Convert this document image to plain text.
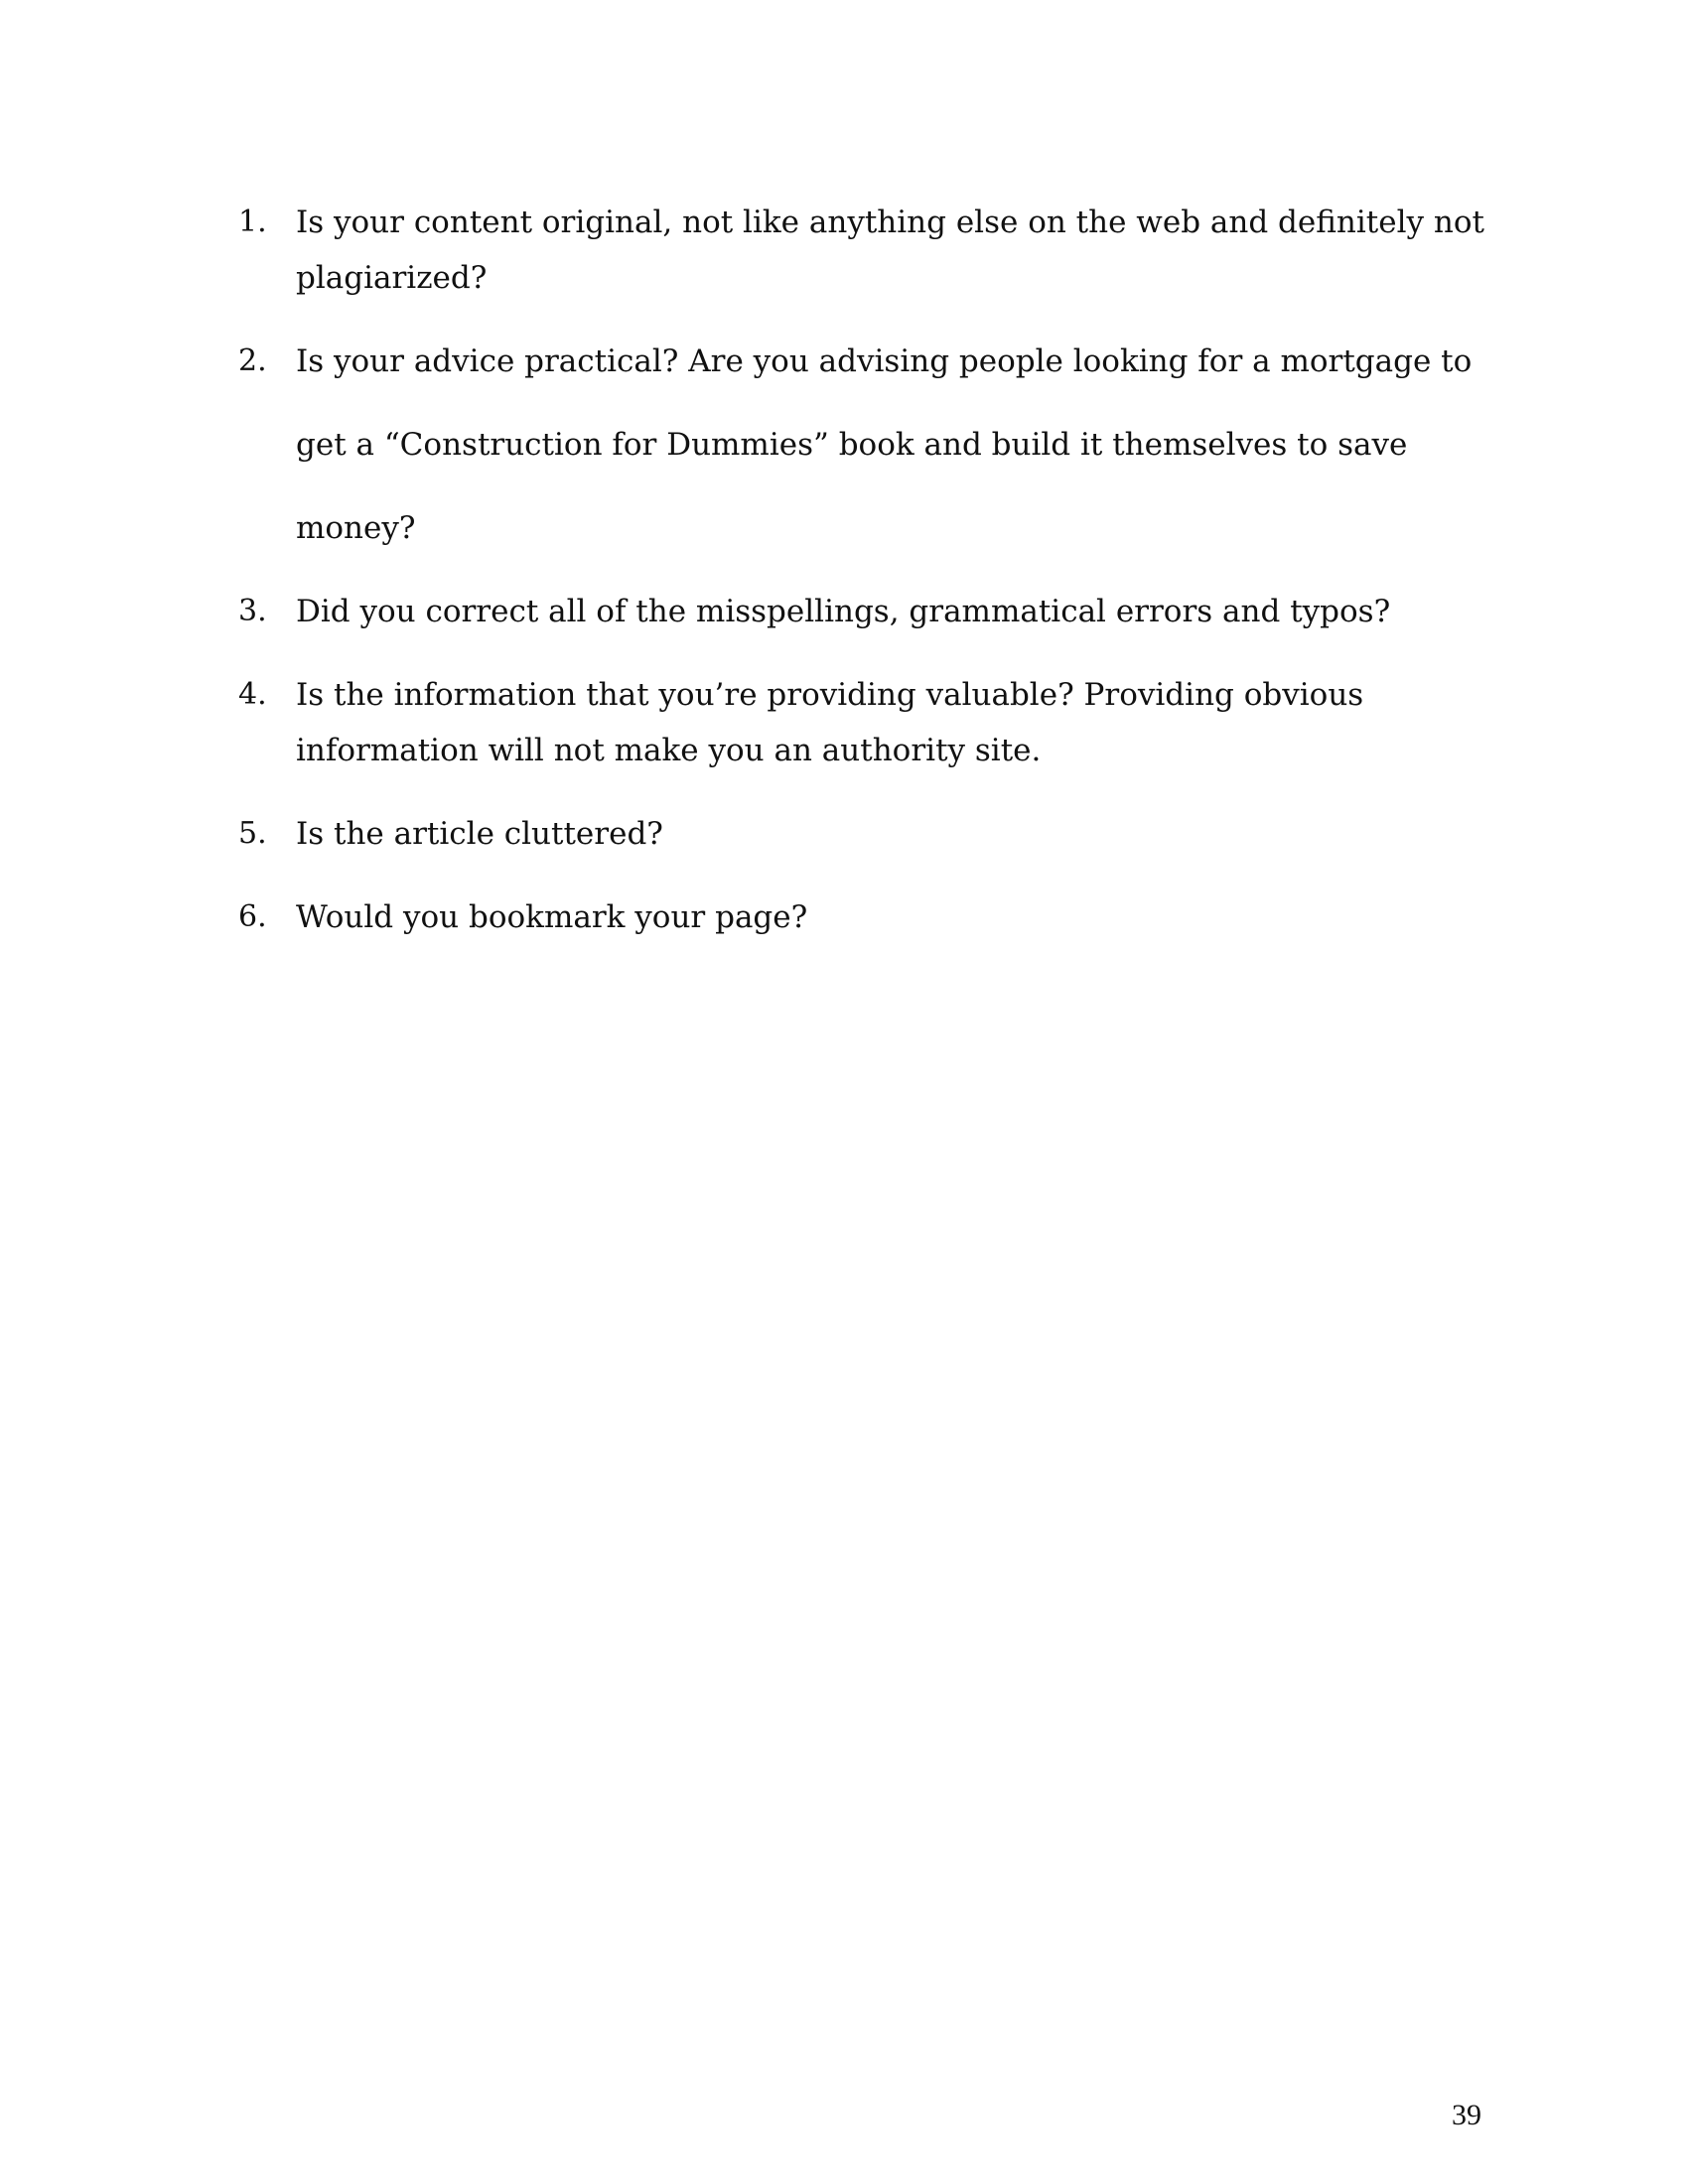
1. Is your content original, not like anything else on the web and definitely not plagiarized?
2. Is your advice practical? Are you advising people looking for a mortgage to get a “Construction for Dummies” book and build it themselves to save money?
3. Did you correct all of the misspellings, grammatical errors and typos?
4. Is the information that you’re providing valuable? Providing obvious information will not make you an authority site.
5. Is the article cluttered?
6. Would you bookmark your page?
39
